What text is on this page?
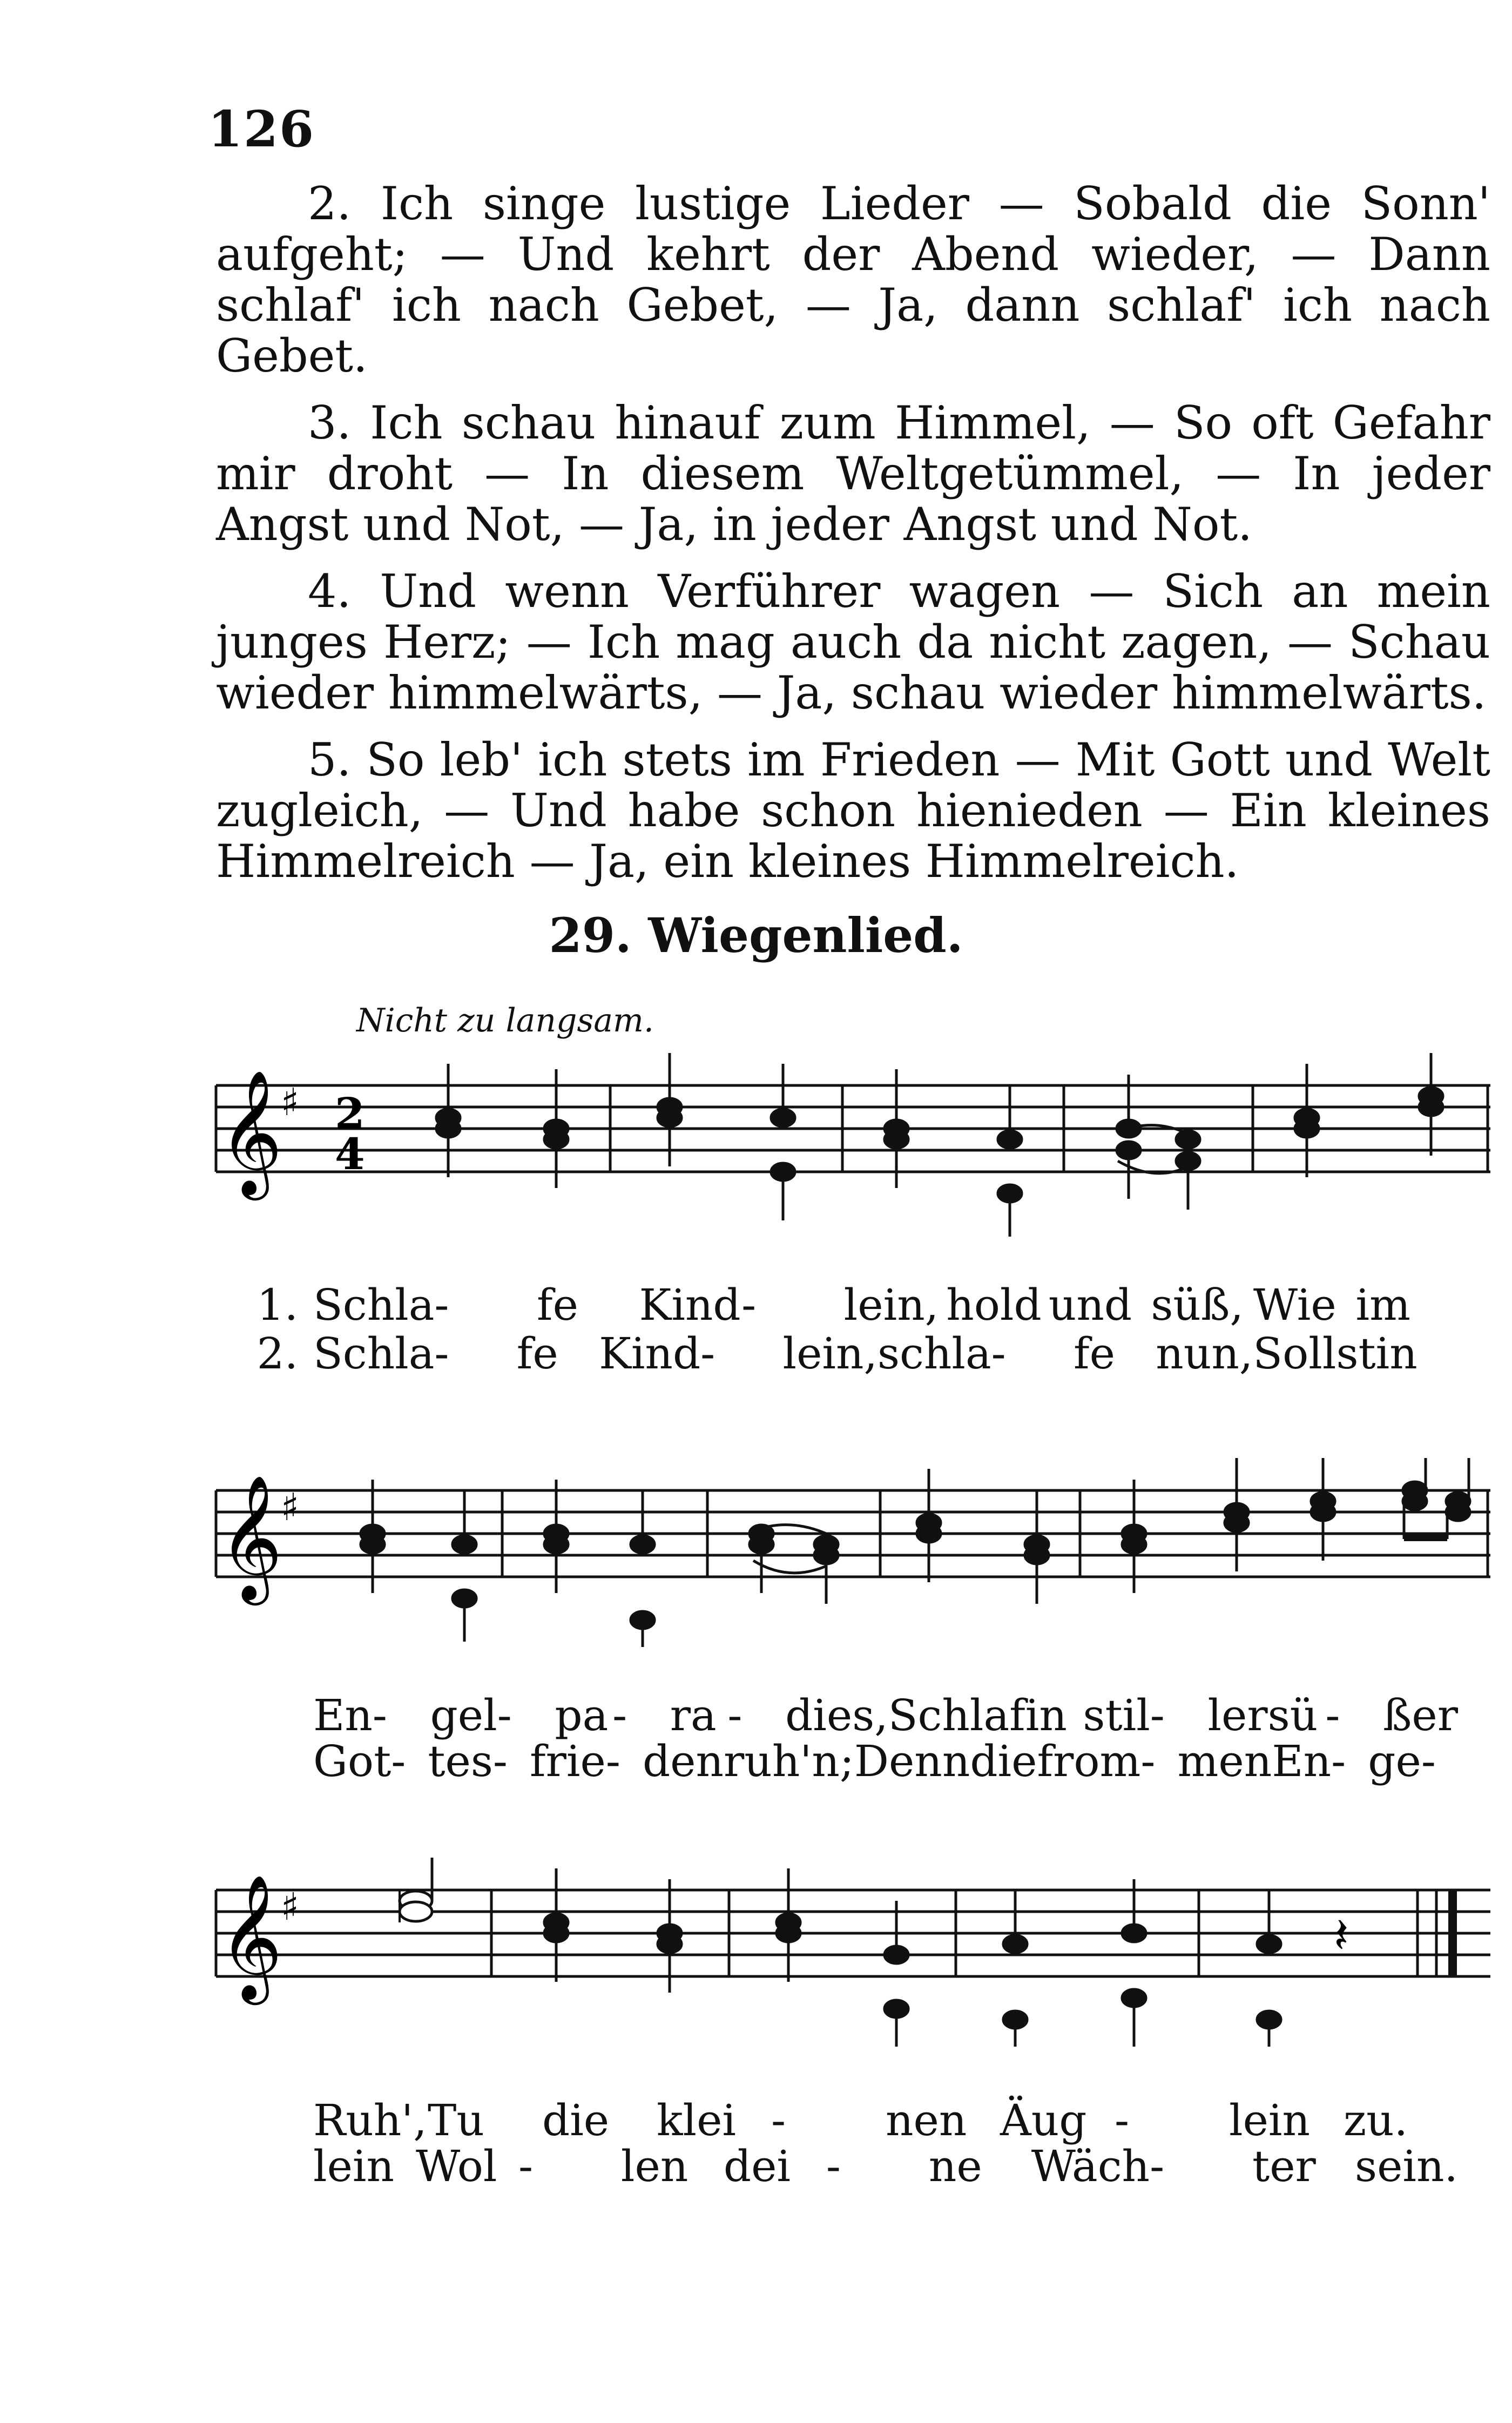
126

2. Ich singe lustige Lieder — Sobald die Sonn' aufgeht; — Und kehrt der Abend wieder, — Dann schlaf' ich nach Gebet, — Ja, dann schlaf' ich nach Gebet.

3. Ich schau hinauf zum Himmel, — So oft Gefahr mir droht — In diesem Weltgetümmel, — In jeder Angst und Not, — Ja, in jeder Angst und Not.

4. Und wenn Verführer wagen — Sich an mein junges Herz; — Ich mag auch da nicht zagen, — Schau wieder himmelwärts, — Ja, schau wieder himmelwärts.

5. So leb' ich stets im Frieden — Mit Gott und Welt zugleich, — Und habe schon hienieden — Ein kleines Himmelreich — Ja, ein kleines Himmelreich.

29. Wiegenlied.
Nicht zu langsam.
𝄞
♯ 2
4
1. Schla -	fe	Kind -	lein, hold und süß, Wie im
2. Schla -	fe Kind -	lein, schla -	fe nun, Sollst in
𝄞
♯
En - gel - pa - ra - dies, Schlaf in stil - ler sü - ßer
Got - tes - frie - den ruh'n; Denn die from - men En - ge -
𝄞
♯
𝄽
Ruh', Tu	die	klei -	nen Äug -	lein zu.
lein Wol -	len dei -	ne	Wäch -	ter sein.
